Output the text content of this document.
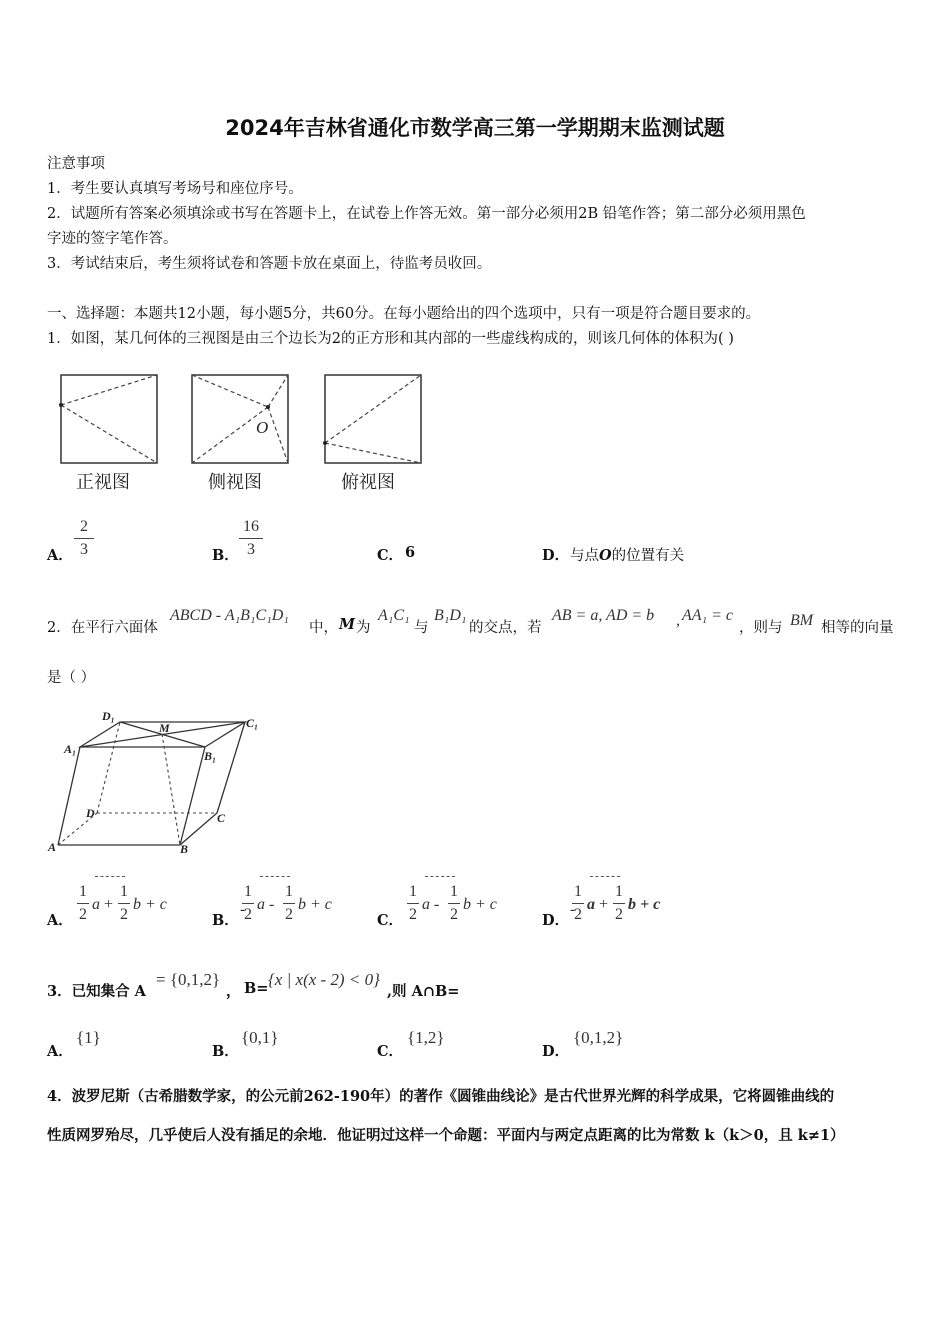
2024年吉林省通化市数学高三第一学期期末监测试题
注意事项
1．考生要认真填写考场号和座位序号。
2．试题所有答案必须填涂或书写在答题卡上，在试卷上作答无效。第一部分必须用2B 铅笔作答；第二部分必须用黑色
字迹的签字笔作答。
3．考试结束后，考生须将试卷和答题卡放在桌面上，待监考员收回。
一、选择题：本题共12小题，每小题5分，共60分。在每小题给出的四个选项中，只有一项是符合题目要求的。
1．如图，某几何体的三视图是由三个边长为2的正方形和其内部的一些虚线构成的，则该几何体的体积为( )
O
正视图	侧视图	俯视图
A．
2
3	B．
16
3	C． 6	D． 与点O的位置有关
2．在平行六面体
ABCD - A₁B₁C₁D₁
中， M 为
A₁C₁
与
B₁D₁
的交点，若
AB = a, AD = b , AA₁ = c
，则与 BM 相等的向量
是（ ）
D₁
M	C₁
A₁	B₁
D	C
A	B
A．
1
2
a +
1
2
b + c
B．
-
1
2
a -
1
2
b + c
C．
1
2
a -
1
2
b + c
D．
-
1
2
a +
1
2
b + c
3．已知集合 A
= {0,1,2}
， B= {x | x(x - 2) < 0}
,则 A∩B=
A．
{1}
B．
{0,1}
C．
{1,2}
D．
{0,1,2}
4．波罗尼斯（古希腊数学家，的公元前262-190年）的著作《圆锥曲线论》是古代世界光辉的科学成果，它将圆锥曲线的
性质网罗殆尽，几乎使后人没有插足的余地．他证明过这样一个命题：平面内与两定点距离的比为常数 k（k＞0，且 k≠1）
